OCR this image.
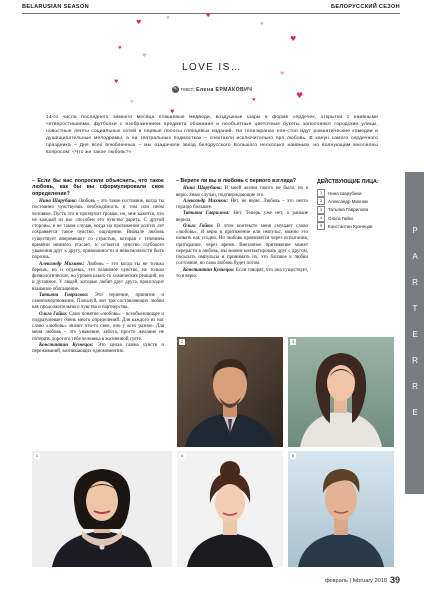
BELARUSIAN SEASON	БЕЛОРУССКИЙ СЕЗОН
♥
♥	♥
♥
♥
♥
♥
♥
♥
♥
♥
♥
♥
LOVE IS…
✎ текст: Елена ЕРМАКОВИЧ
14-го числа последнего зимнего месяца плюшевые медведи, воздушные шары в форме сердечек, открытки с наивными четверостишиями, футболки с изображением предмета обожания и необъятные цветочные букеты заполоняют городские улицы, новостные ленты социальных сетей и первые полосы глянцевых изданий. На телеэкранах нон-стоп идут романтические комедии и душещипательные мелодрамы, а на театральных подмостках – спектакли исключительно про любовь. В канун самого сердечного праздника – Дня всех влюбленных – мы озадачили звезд белорусского Большого несколько наивным, но волнующим миллионы вопросом: «Что же такое любовь?»

– Если бы вас попросили объяснить, что такое любовь, как бы вы сформулировали свое определение?

Нина Шарубина: Любовь – это такое состояние, когда ты постоянно чувствуешь необходимость в том или ином человеке. Пусть это и прозвучит громко, но, мне кажется, что не каждый из нас способен это чувство дарить. С другой стороны, в не таком случае, когда на протяжении долгих лет сохраняется такое чувство, ощущение. Вначале любовь существует вперемешку со страстью, которая с течением времени немного угасает, и остается чувство глубокого уважения друг к другу, привязанности и невозможности быть порознь.

Александр Михнюк: Любовь – это когда ты не только берешь, но и отдаешь, это взаимное чувство, не только физиологическое, но уровня каких-то химических реакций, но и духовное. У людей, которые любят друг друга, происходит взаимное обогащение.

Татьяна Гаврилова: Это терпение, принятие и самопожертвование. Пожалуй, вот три составляющих любви как продолжительного чувства и партнерства.

Ольга Гайко: Само понятие «любовь» – всеобъемлющее и подразумевает очень много определений. Для каждого из нас слово «любовь» значит что-то свое, оно у всех разное. Для меня любовь – это уважение, забота, просто желание не потерять дорогого тебе человека в жизненной суете.

Константин Кузнецов: Это целая гамма чувств и переживаний, возникающих одномоментно.

– Верите ли вы в любовь с первого взгляда?

Нина Шарубина: В моей жизни такого не было, но я верю. Знаю случаи, подтверждающие это.

Александр Михнюк: Нет, не верю. Любовь – это нечто гораздо большее.

Татьяна Гаврилова: Нет. Теперь уже нет, а раньше верила.

Ольга Гайко: В этом контексте меня смущает слово «любовь». Я верю в притяжение или импульс, можно это назвать как угодно. Но любовь проявляется через испытания, притирание, через время. Внезапное притяжение может перерасти в любовь, мы можем контактировать друг с другом, посылать импульсы и принимать их, это близкое к любви состояние, но сама любовь будет потом.

Константин Кузнецов: Если говорят, что она существует, то я верю.

ДЕЙСТВУЮЩИЕ ЛИЦА:
1	Нина Шарубина
2	Александр Михнюк
3	Татьяна Гаврилова
4	Ольга Гайко
5	Константин Кузнецов	P
A
R
T
E
R
R
E
2	3
1	4	5
февраль | february 2018 39
